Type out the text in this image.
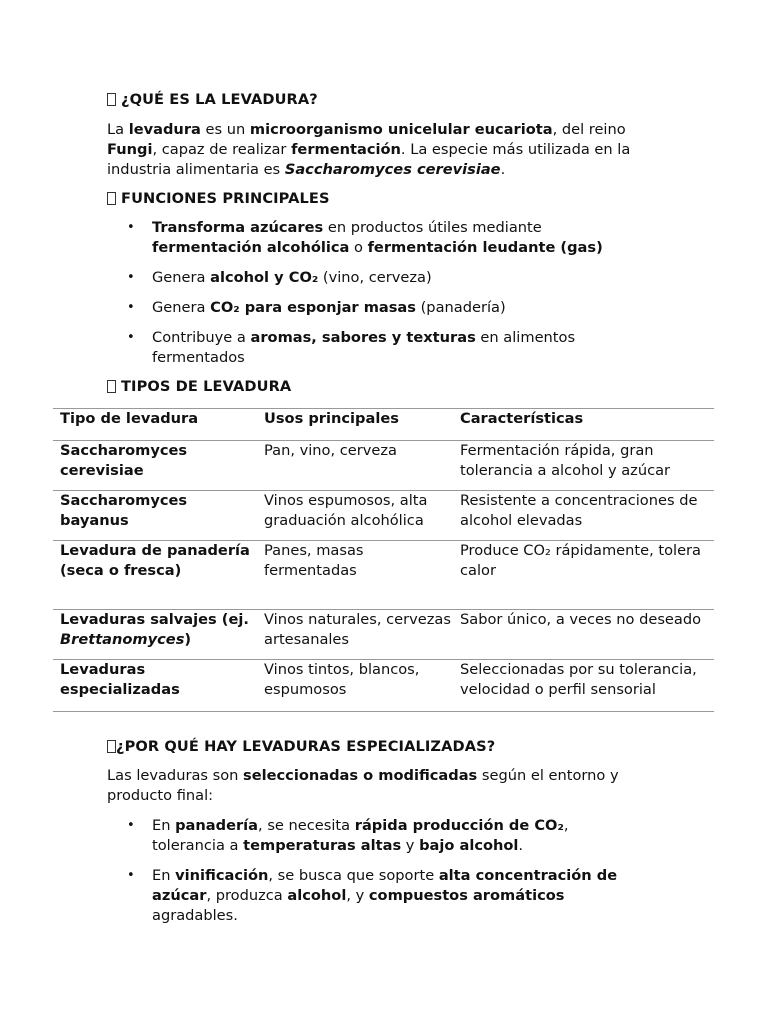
¿QUÉ ES LA LEVADURA?

La levadura es un microorganismo unicelular eucariota, del reino Fungi, capaz de realizar fermentación. La especie más utilizada en la industria alimentaria es Saccharomyces cerevisiae.

FUNCIONES PRINCIPALES
• Transforma azúcares en productos útiles mediante fermentación alcohólica o fermentación leudante (gas)
• Genera alcohol y CO₂ (vino, cerveza)
• Genera CO₂ para esponjar masas (panadería)
• Contribuye a aromas, sabores y texturas en alimentos fermentados
TIPOS DE LEVADURA
Tipo de levadura	Usos principales	Características
Saccharomyces cerevisiae	Pan, vino, cerveza	Fermentación rápida, gran tolerancia a alcohol y azúcar
Saccharomyces bayanus	Vinos espumosos, alta graduación alcohólica	Resistente a concentraciones de alcohol elevadas
Levadura de panadería (seca o fresca)	Panes, masas fermentadas	Produce CO₂ rápidamente, tolera calor
Levaduras salvajes (ej. Brettanomyces)	Vinos naturales, cervezas artesanales	Sabor único, a veces no deseado
Levaduras especializadas	Vinos tintos, blancos, espumosos	Seleccionadas por su tolerancia, velocidad o perfil sensorial
¿POR QUÉ HAY LEVADURAS ESPECIALIZADAS?

Las levaduras son seleccionadas o modificadas según el entorno y producto final:

• En panadería, se necesita rápida producción de CO₂, tolerancia a temperaturas altas y bajo alcohol.
• En vinificación, se busca que soporte alta concentración de azúcar, produzca alcohol, y compuestos aromáticos agradables.
